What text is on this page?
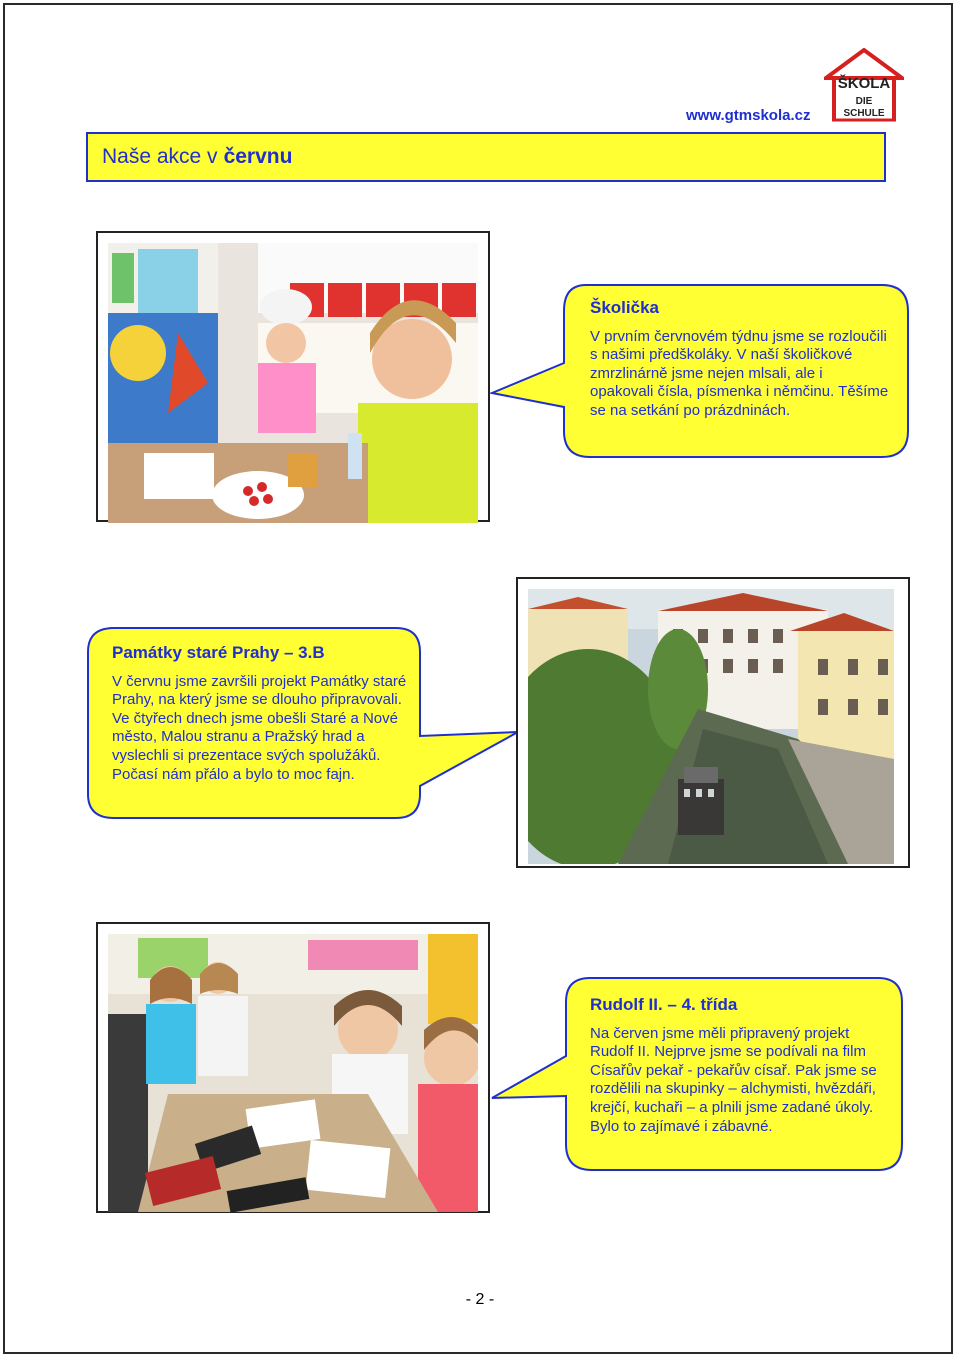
www.gtmskola.cz
ŠKOLA
DIE
SCHULE
Naše akce v červnu
Školička
V prvním červnovém týdnu jsme se rozloučili s našimi předškoláky. V naší školičkové zmrzlinárně jsme nejen mlsali, ale i opakovali čísla, písmenka i němčinu. Těšíme se na setkání po prázdninách.
Památky staré Prahy – 3.B
V červnu jsme završili projekt Památky staré Prahy, na který jsme se dlouho připravovali. Ve čtyřech dnech jsme obešli Staré a Nové město, Malou stranu a Pražský hrad a vyslechli si prezentace svých spolužáků. Počasí nám přálo a bylo to moc fajn.
Rudolf II. – 4. třída
Na červen jsme měli připravený projekt Rudolf II. Nejprve jsme se podívali na film Císařův pekař - pekařův císař. Pak jsme se rozdělili na skupinky – alchymisti, hvězdáři, krejčí, kuchaři – a plnili jsme zadané úkoly. Bylo to zajímavé i zábavné.
- 2 -
